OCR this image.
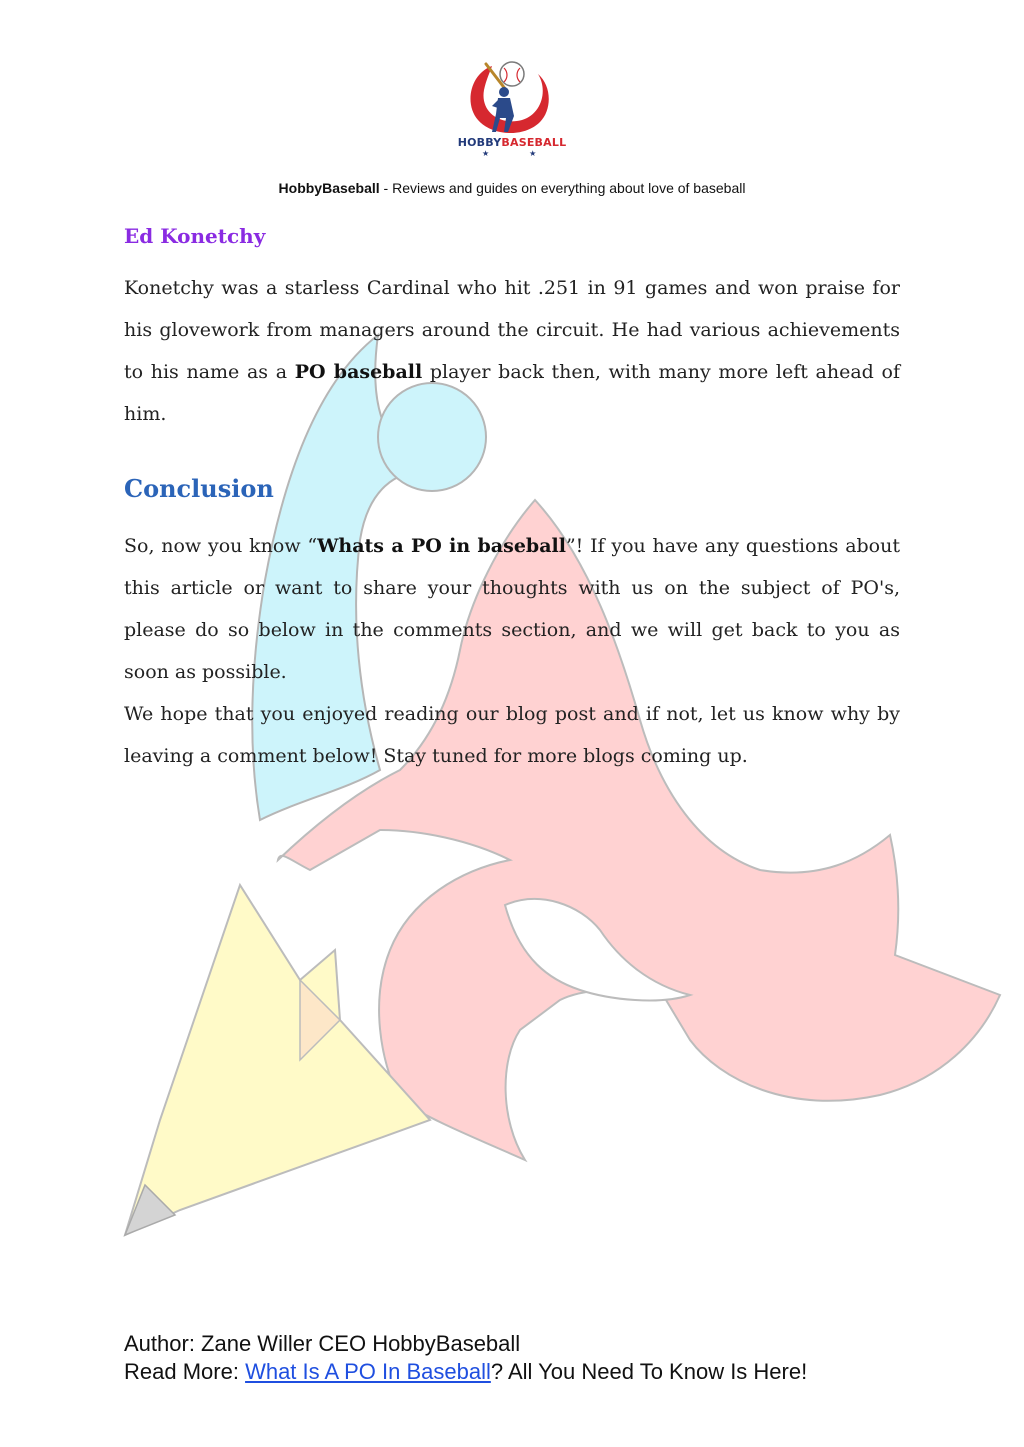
HOBBYBASEBALL
★★
HobbyBaseball - Reviews and guides on everything about love of baseball
Ed Konetchy

Konetchy was a starless Cardinal who hit .251 in 91 games and won praise for his glovework from managers around the circuit. He had various achievements to his name as a PO baseball player back then, with many more left ahead of him.

Conclusion

So, now you know “Whats a PO in baseball”! If you have any questions about this article or want to share your thoughts with us on the subject of PO's, please do so below in the comments section, and we will get back to you as soon as possible.

We hope that you enjoyed reading our blog post and if not, let us know why by leaving a comment below! Stay tuned for more blogs coming up.

Author: Zane Willer CEO HobbyBaseball
Read More: What Is A PO In Baseball? All You Need To Know Is Here!
